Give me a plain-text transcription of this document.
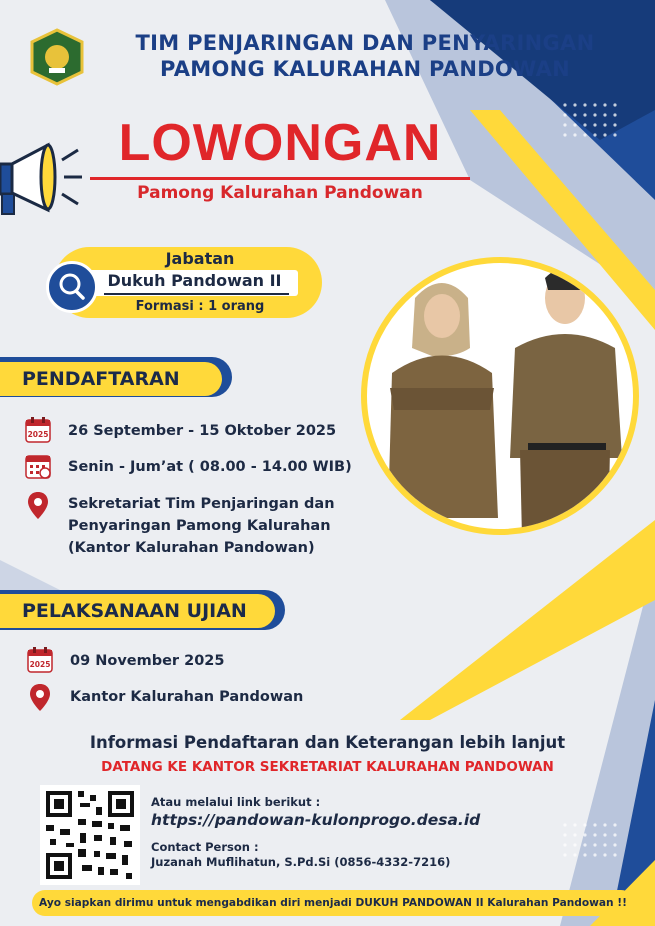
TIM PENJARINGAN DAN PENYARINGAN
PAMONG KALURAHAN PANDOWAN
LOWONGAN
Pamong Kalurahan Pandowan
Jabatan
Dukuh Pandowan II
Formasi : 1 orang
PENDAFTARAN
2025 26 September - 15 Oktober 2025
Senin - Jum’at ( 08.00 - 14.00 WIB)
Sekretariat Tim Penjaringan dan
Penyaringan Pamong Kalurahan
(Kantor Kalurahan Pandowan)
PELAKSANAAN UJIAN
2025 09 November 2025
Kantor Kalurahan Pandowan
Informasi Pendaftaran dan Keterangan lebih lanjut
DATANG KE KANTOR SEKRETARIAT KALURAHAN PANDOWAN
Atau melalui link berikut :
https://pandowan-kulonprogo.desa.id
Contact Person :
Juzanah Muflihatun, S.Pd.Si (0856-4332-7216)
Ayo siapkan dirimu untuk mengabdikan diri menjadi DUKUH PANDOWAN II Kalurahan Pandowan !!
